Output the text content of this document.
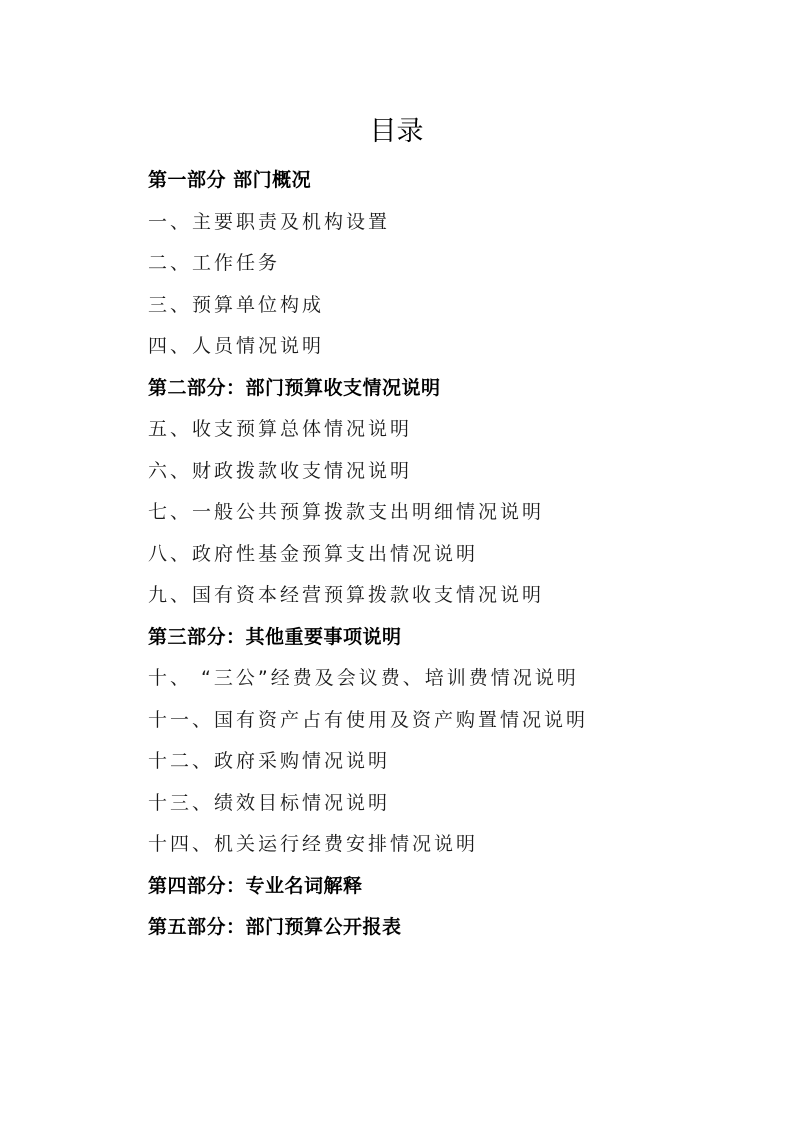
目录
第一部分 部门概况
一、主要职责及机构设置
二、工作任务
三、预算单位构成
四、人员情况说明
第二部分：部门预算收支情况说明
五、收支预算总体情况说明
六、财政拨款收支情况说明
七、一般公共预算拨款支出明细情况说明
八、政府性基金预算支出情况说明
九、国有资本经营预算拨款收支情况说明
第三部分：其他重要事项说明
十、 “三公”经费及会议费、培训费情况说明
十一、国有资产占有使用及资产购置情况说明
十二、政府采购情况说明
十三、绩效目标情况说明
十四、机关运行经费安排情况说明
第四部分：专业名词解释
第五部分：部门预算公开报表
